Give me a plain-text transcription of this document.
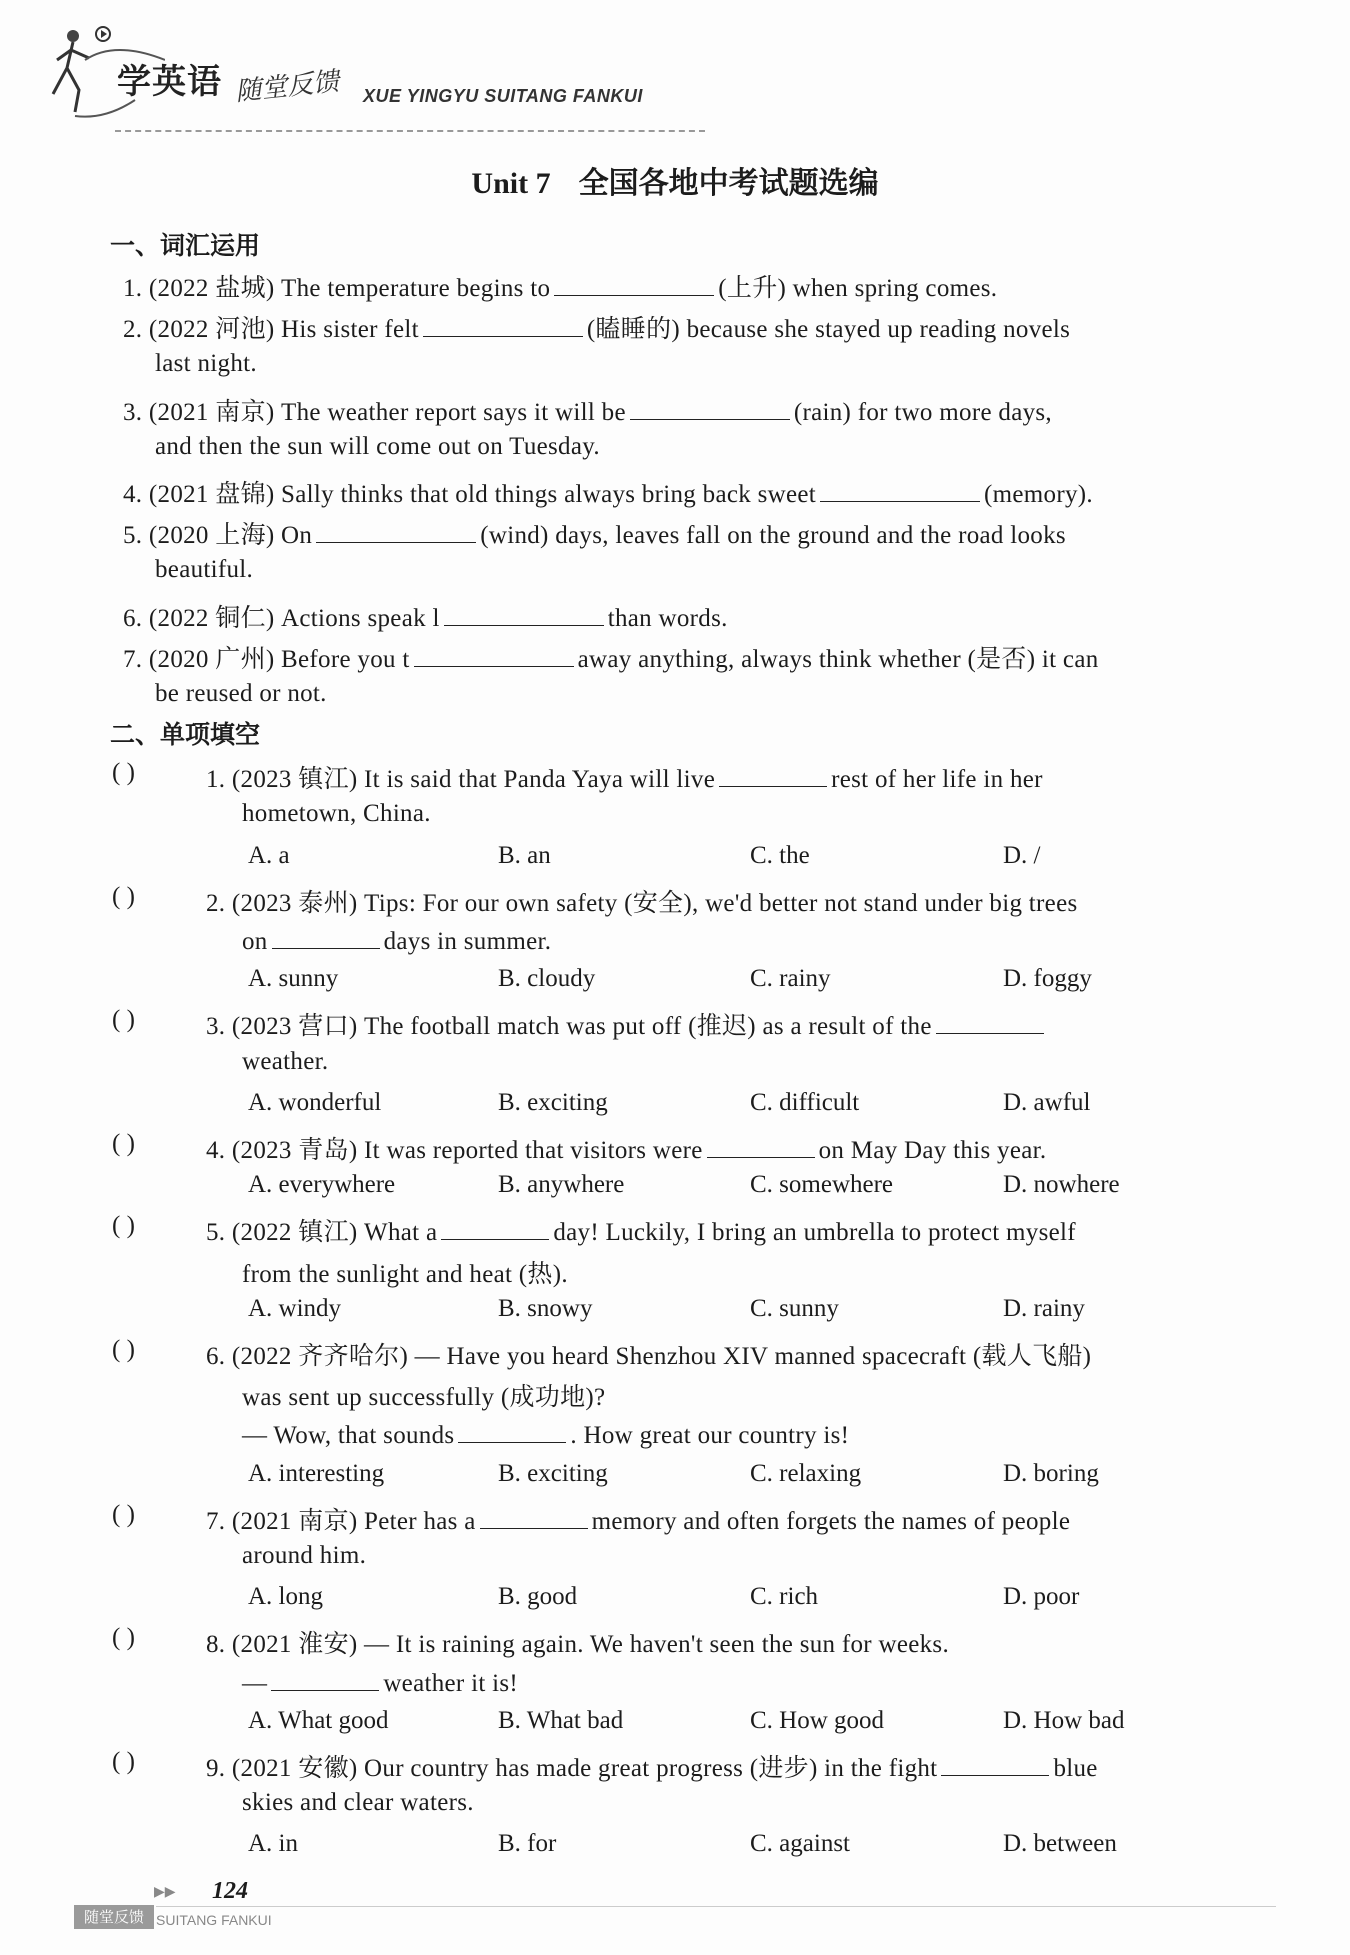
学英语 随堂反馈 XUE YINGYU SUITANG FANKUI
Unit 7 全国各地中考试题选编
一、词汇运用
1. (2022 盐城) The temperature begins to	(上升) when spring comes.
2. (2022 河池) His sister felt	(瞌睡的) because she stayed up reading novels
last night.
3. (2021 南京) The weather report says it will be	(rain) for two more days,
and then the sun will come out on Tuesday.
4. (2021 盘锦) Sally thinks that old things always bring back sweet	(memory).
5. (2020 上海) On	(wind) days, leaves fall on the ground and the road looks
beautiful.
6. (2022 铜仁) Actions speak l	than words.
7. (2020 广州) Before you t	away anything, always think whether (是否) it can
be reused or not.
二、单项填空
( )	1. (2023 镇江) It is said that Panda Yaya will live	rest of her life in her
hometown, China.
A. a	B. an	C. the	D. /
( )	2. (2023 泰州) Tips: For our own safety (安全), we'd better not stand under big trees
on	days in summer.
A. sunny	B. cloudy	C. rainy	D. foggy
( )	3. (2023 营口) The football match was put off (推迟) as a result of the
weather.
A. wonderful	B. exciting	C. difficult	D. awful
( )	4. (2023 青岛) It was reported that visitors were	on May Day this year.
A. everywhere	B. anywhere	C. somewhere	D. nowhere
( )	5. (2022 镇江) What a	day! Luckily, I bring an umbrella to protect myself
from the sunlight and heat (热).
A. windy	B. snowy	C. sunny	D. rainy
( )	6. (2022 齐齐哈尔) — Have you heard Shenzhou XIV manned spacecraft (载人飞船)
was sent up successfully (成功地)?
— Wow, that sounds	. How great our country is!
A. interesting	B. exciting	C. relaxing	D. boring
( )	7. (2021 南京) Peter has a	memory and often forgets the names of people
around him.
A. long	B. good	C. rich	D. poor
( )	8. (2021 淮安) — It is raining again. We haven't seen the sun for weeks.
—	weather it is!
A. What good	B. What bad	C. How good	D. How bad
( )	9. (2021 安徽) Our country has made great progress (进步) in the fight	blue
skies and clear waters.
A. in	B. for	C. against	D. between
▶▶ 124
随堂反馈 SUITANG FANKUI
